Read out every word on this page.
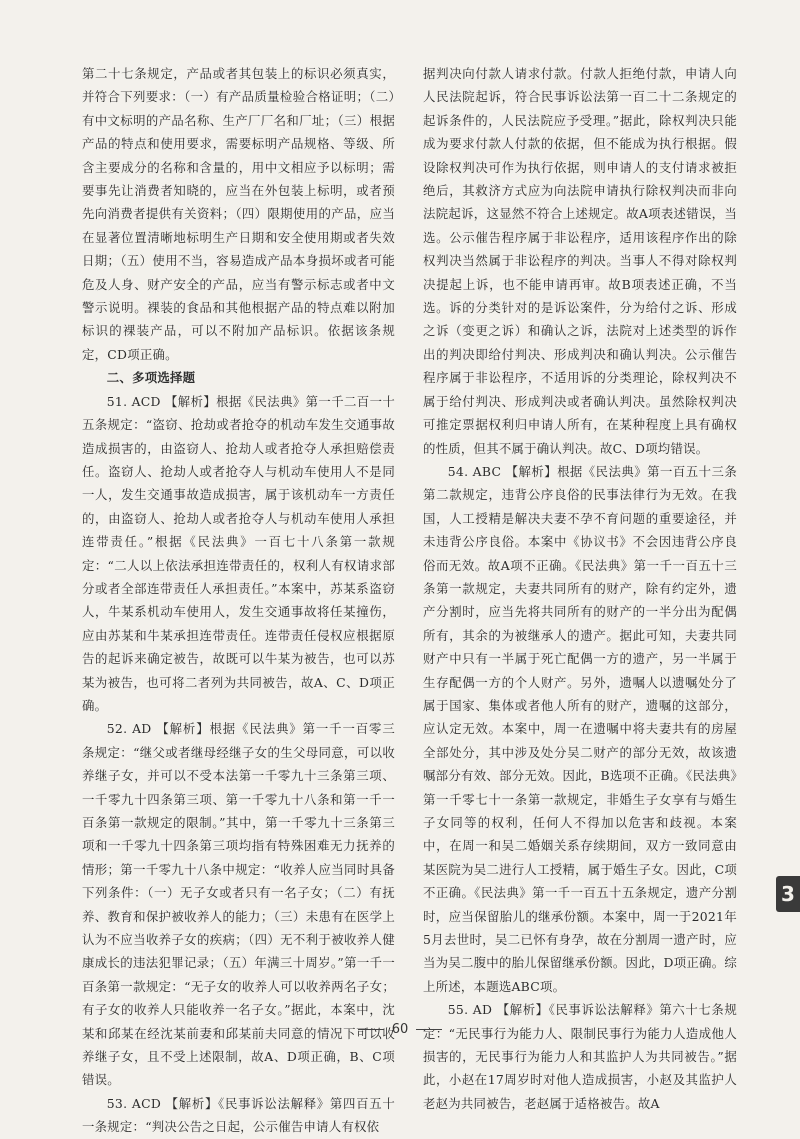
第二十七条规定，产品或者其包装上的标识必须真实，并符合下列要求：（一）有产品质量检验合格证明；（二）有中文标明的产品名称、生产厂厂名和厂址；（三）根据产品的特点和使用要求，需要标明产品规格、等级、所含主要成分的名称和含量的，用中文相应予以标明；需要事先让消费者知晓的，应当在外包装上标明，或者预先向消费者提供有关资料；（四）限期使用的产品，应当在显著位置清晰地标明生产日期和安全使用期或者失效日期；（五）使用不当，容易造成产品本身损坏或者可能危及人身、财产安全的产品，应当有警示标志或者中文警示说明。裸装的食品和其他根据产品的特点难以附加标识的裸装产品，可以不附加产品标识。依据该条规定，CD项正确。

二、多项选择题

51. ACD 【解析】根据《民法典》第一千二百一十五条规定：“盗窃、抢劫或者抢夺的机动车发生交通事故造成损害的，由盗窃人、抢劫人或者抢夺人承担赔偿责任。盗窃人、抢劫人或者抢夺人与机动车使用人不是同一人，发生交通事故造成损害，属于该机动车一方责任的，由盗窃人、抢劫人或者抢夺人与机动车使用人承担连带责任。”根据《民法典》一百七十八条第一款规定：“二人以上依法承担连带责任的，权利人有权请求部分或者全部连带责任人承担责任。”本案中，苏某系盗窃人，牛某系机动车使用人，发生交通事故将任某撞伤，应由苏某和牛某承担连带责任。连带责任侵权应根据原告的起诉来确定被告，故既可以牛某为被告，也可以苏某为被告，也可将二者列为共同被告，故A、C、D项正确。

52. AD 【解析】根据《民法典》第一千一百零三条规定：“继父或者继母经继子女的生父母同意，可以收养继子女，并可以不受本法第一千零九十三条第三项、一千零九十四条第三项、第一千零九十八条和第一千一百条第一款规定的限制。”其中，第一千零九十三条第三项和一千零九十四条第三项均指有特殊困难无力抚养的情形；第一千零九十八条中规定：“收养人应当同时具备下列条件：（一）无子女或者只有一名子女；（二）有抚养、教育和保护被收养人的能力；（三）未患有在医学上认为不应当收养子女的疾病；（四）无不利于被收养人健康成长的违法犯罪记录；（五）年满三十周岁。”第一千一百条第一款规定：“无子女的收养人可以收养两名子女；有子女的收养人只能收养一名子女。”据此，本案中，沈某和邱某在经沈某前妻和邱某前夫同意的情况下可以收养继子女，且不受上述限制，故A、D项正确，B、C项错误。

53. ACD 【解析】《民事诉讼法解释》第四百五十一条规定：“判决公告之日起，公示催告申请人有权依

据判决向付款人请求付款。付款人拒绝付款，申请人向人民法院起诉，符合民事诉讼法第一百二十二条规定的起诉条件的，人民法院应予受理。”据此，除权判决只能成为要求付款人付款的依据，但不能成为执行根据。假设除权判决可作为执行依据，则申请人的支付请求被拒绝后，其救济方式应为向法院申请执行除权判决而非向法院起诉，这显然不符合上述规定。故A项表述错误，当选。公示催告程序属于非讼程序，适用该程序作出的除权判决当然属于非讼程序的判决。当事人不得对除权判决提起上诉，也不能申请再审。故B项表述正确，不当选。诉的分类针对的是诉讼案件，分为给付之诉、形成之诉（变更之诉）和确认之诉，法院对上述类型的诉作出的判决即给付判决、形成判决和确认判决。公示催告程序属于非讼程序，不适用诉的分类理论，除权判决不属于给付判决、形成判决或者确认判决。虽然除权判决可推定票据权利归申请人所有，在某种程度上具有确权的性质，但其不属于确认判决。故C、D项均错误。

54. ABC 【解析】根据《民法典》第一百五十三条第二款规定，违背公序良俗的民事法律行为无效。在我国，人工授精是解决夫妻不孕不育问题的重要途径，并未违背公序良俗。本案中《协议书》不会因违背公序良俗而无效。故A项不正确。《民法典》第一千一百五十三条第一款规定，夫妻共同所有的财产，除有约定外，遗产分割时，应当先将共同所有的财产的一半分出为配偶所有，其余的为被继承人的遗产。据此可知，夫妻共同财产中只有一半属于死亡配偶一方的遗产，另一半属于生存配偶一方的个人财产。另外，遗嘱人以遗嘱处分了属于国家、集体或者他人所有的财产，遗嘱的这部分，应认定无效。本案中，周一在遗嘱中将夫妻共有的房屋全部处分，其中涉及处分吴二财产的部分无效，故该遗嘱部分有效、部分无效。因此，B选项不正确。《民法典》第一千零七十一条第一款规定，非婚生子女享有与婚生子女同等的权利，任何人不得加以危害和歧视。本案中，在周一和吴二婚姻关系存续期间，双方一致同意由某医院为吴二进行人工授精，属于婚生子女。因此，C项不正确。《民法典》第一千一百五十五条规定，遗产分割时，应当保留胎儿的继承份额。本案中，周一于2021年5月去世时，吴二已怀有身孕，故在分割周一遗产时，应当为吴二腹中的胎儿保留继承份额。因此，D项正确。综上所述，本题选ABC项。

55. AD 【解析】《民事诉讼法解释》第六十七条规定：“无民事行为能力人、限制民事行为能力人造成他人损害的，无民事行为能力人和其监护人为共同被告。”据此，小赵在17周岁时对他人造成损害，小赵及其监护人老赵为共同被告，老赵属于适格被告。故A

60
3
